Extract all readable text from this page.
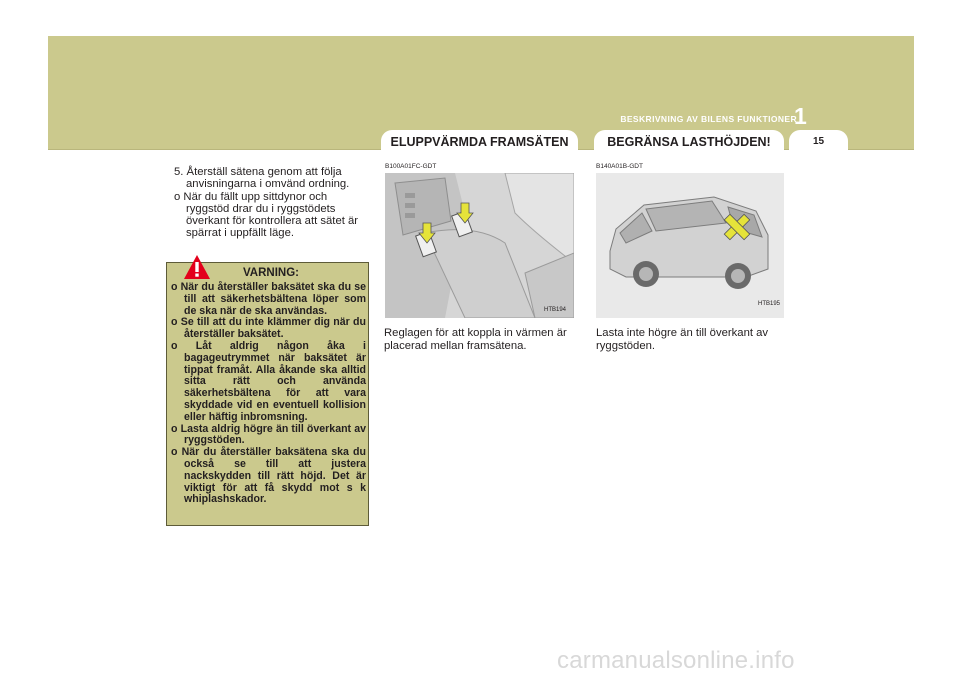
BESKRIVNING AV BILENS FUNKTIONER
1
ELUPPVÄRMDA FRAMSÄTEN	BEGRÄNSA LASTHÖJDEN!	15

5. Återställ sätena genom att följa anvisningarna i omvänd ordning.

o När du fällt upp sittdynor och ryggstöd drar du i ryggstödets överkant för kontrollera att sätet är spärrat i uppfällt läge.

VARNING:

o När du återställer baksätet ska du se till att säkerhetsbältena löper som de ska när de ska användas.

o Se till att du inte klämmer dig när du återställer baksätet.

o Låt aldrig någon åka i bagageutrymmet när baksätet är tippat framåt. Alla åkande ska alltid sitta rätt och använda säkerhetsbältena för att vara skyddade vid en eventuell kollision eller häftig inbromsning.

o Lasta aldrig högre än till överkant av ryggstöden.

o När du återställer baksätena ska du också se till att justera nackskydden till rätt höjd. Det är viktigt för att få skydd mot s k whiplashskador.

B100A01FC-GDT
HTB194
Reglagen för att koppla in värmen är placerad mellan framsätena.
B140A01B-GDT
HTB195
Lasta inte högre än till överkant av ryggstöden.
carmanualsonline.info
